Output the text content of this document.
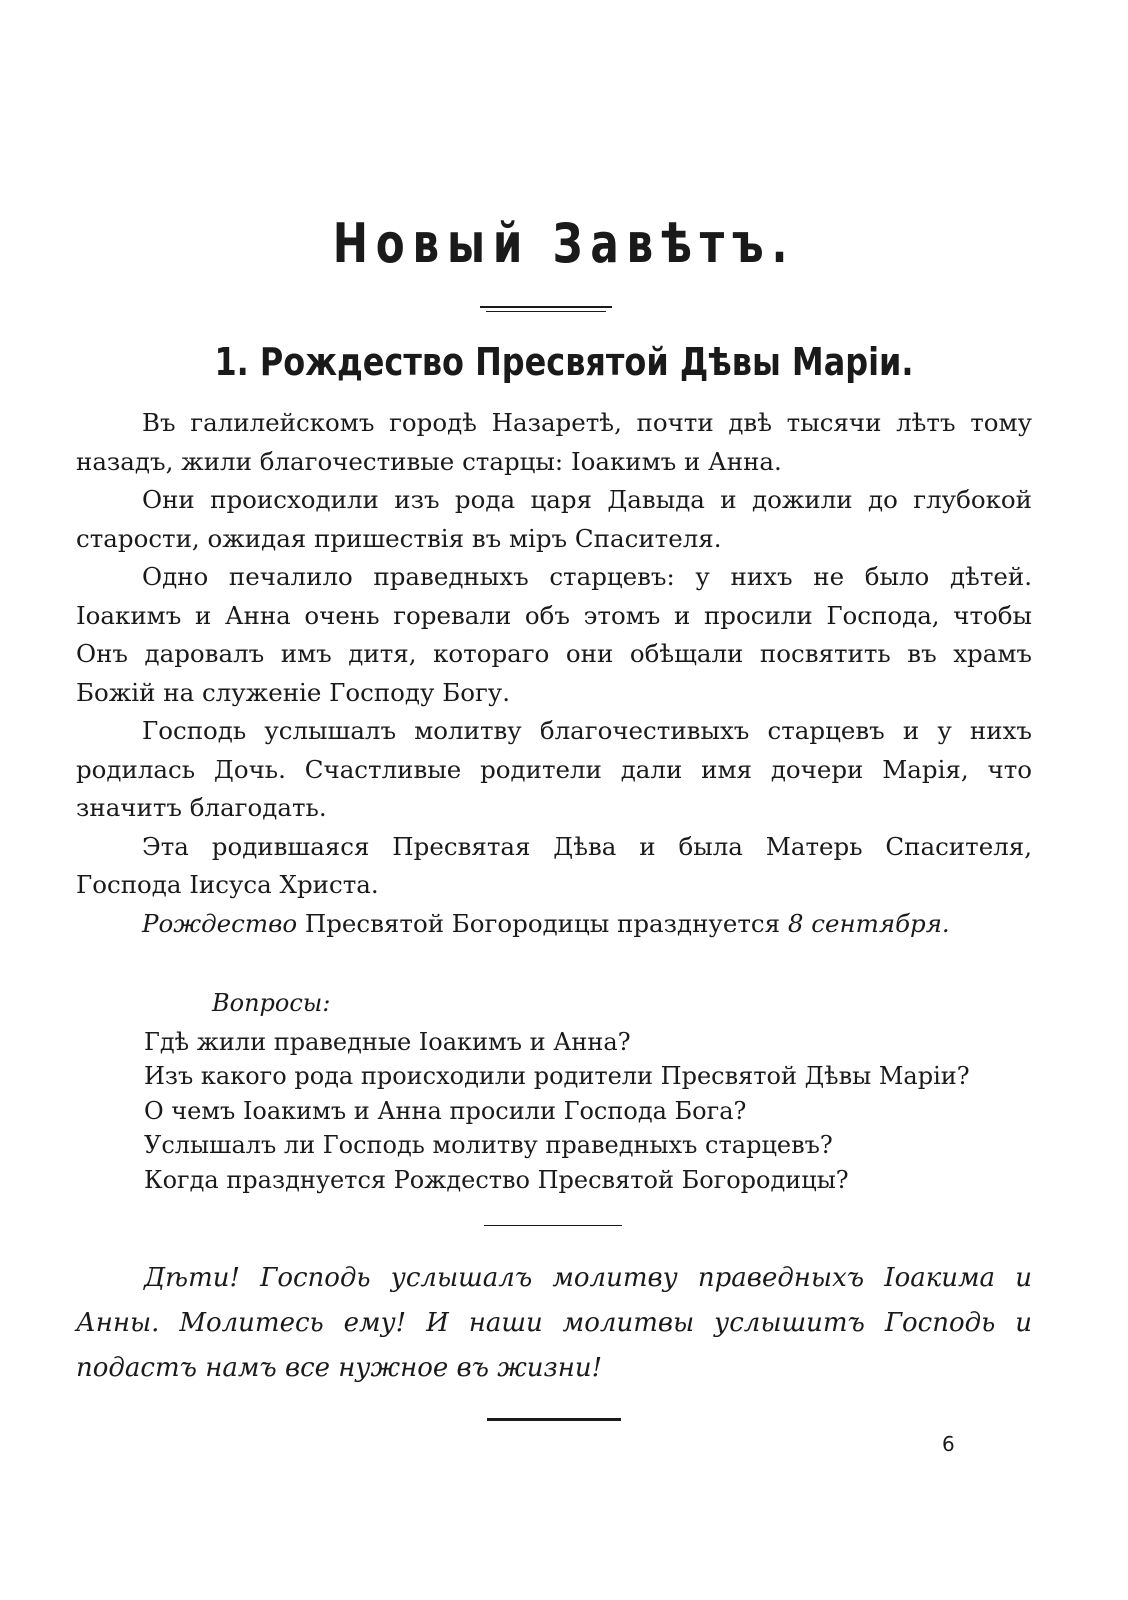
Новый Завѣтъ.
1. Рождество Пресвятой Дѣвы Маріи.

Въ галилейскомъ городѣ Назаретѣ, почти двѣ тысячи лѣтъ тому назадъ, жили благочестивые старцы: Іоакимъ и Анна.

Они происходили изъ рода царя Давыда и дожили до глубокой старости, ожидая пришествія въ міръ Спасителя.

Одно печалило праведныхъ старцевъ: у нихъ не было дѣтей. Іоакимъ и Анна очень горевали объ этомъ и просили Господа, чтобы Онъ даровалъ имъ дитя, котораго они обѣщали посвятить въ храмъ Божій на служеніе Господу Богу.

Господь услышалъ молитву благочестивыхъ старцевъ и у нихъ родилась Дочь. Счастливые родители дали имя дочери Марія, что значитъ благодать.

Эта родившаяся Пресвятая Дѣва и была Матерь Спасителя, Господа Іисуса Христа.

Рождество Пресвятой Богородицы празднуется 8 сентября.

Вопросы:
Гдѣ жили праведные Іоакимъ и Анна?
Изъ какого рода происходили родители Пресвятой Дѣвы Маріи?
О чемъ Іоакимъ и Анна просили Господа Бога?
Услышалъ ли Господь молитву праведныхъ старцевъ?
Когда празднуется Рождество Пресвятой Богородицы?
Дѣти! Господь услышалъ молитву праведныхъ Іоакима и Анны. Молитесь ему! И наши молитвы услышитъ Господь и подастъ намъ все нужное въ жизни!
6
